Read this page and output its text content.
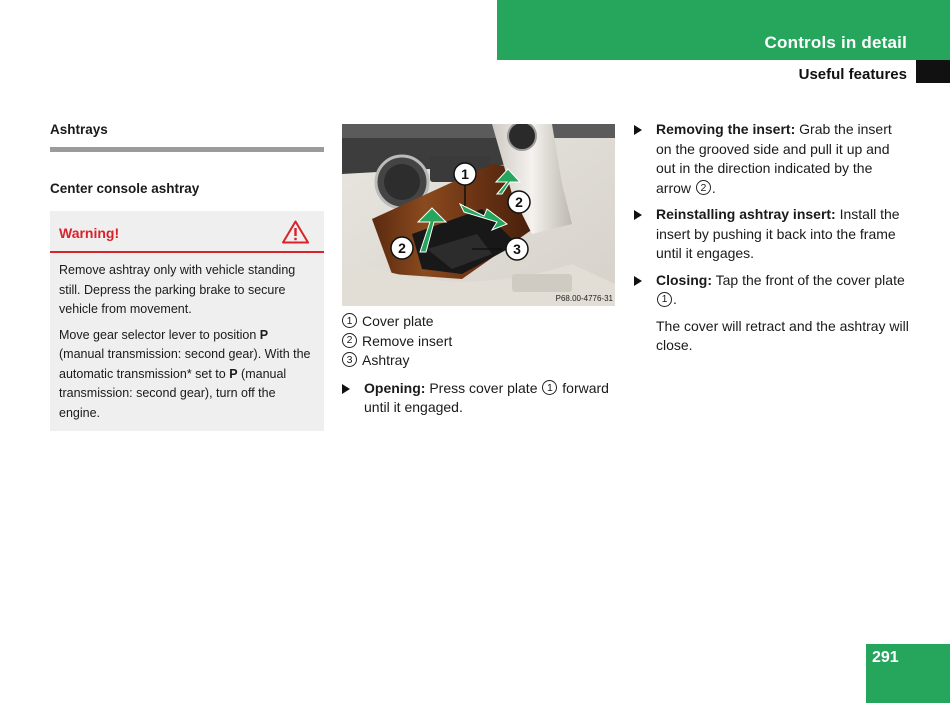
Controls in detail
Useful features
Ashtrays
Center console ashtray
Warning!

Remove ashtray only with vehicle standing still. Depress the parking brake to secure vehicle from movement.

Move gear selector lever to position P (manual transmission: second gear). With the automatic transmission* set to P (manual transmission: second gear), turn off the engine.

1
2
2	3
P68.00-4776-31
1 Cover plate
2 Remove insert
3 Ashtray
Opening: Press cover plate 1 forward until it engaged.
Removing the insert: Grab the insert on the grooved side and pull it up and out in the direction indicated by the arrow 2 .
Reinstalling ashtray insert: Install the insert by pushing it back into the frame until it engages.
Closing: Tap the front of the cover plate 1 .
The cover will retract and the ashtray will close.
291
